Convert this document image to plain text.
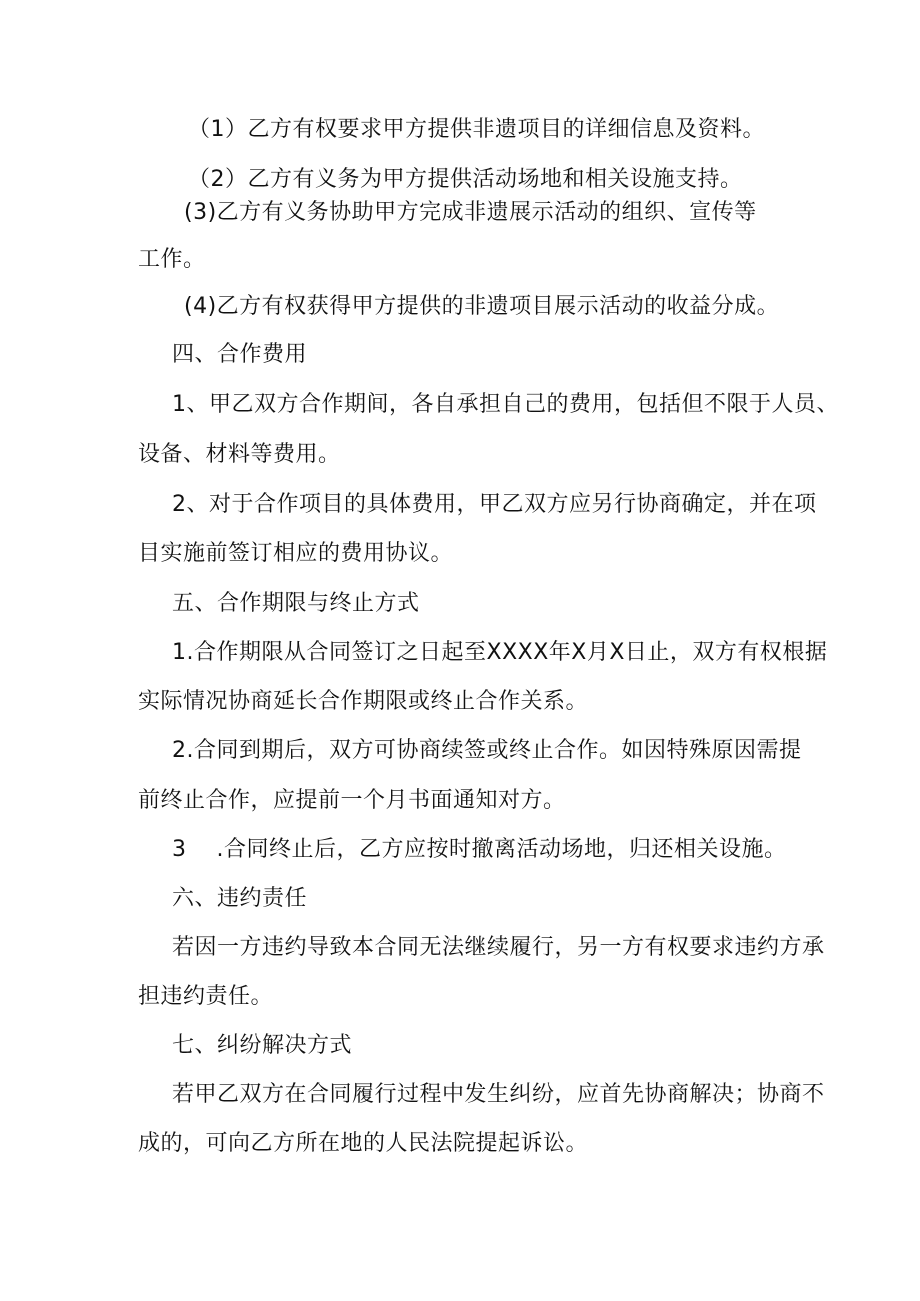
（1）乙方有权要求甲方提供非遗项目的详细信息及资料。
（2）乙方有义务为甲方提供活动场地和相关设施支持。
(3)乙方有义务协助甲方完成非遗展示活动的组织、宣传等
工作。
(4)乙方有权获得甲方提供的非遗项目展示活动的收益分成。
四、合作费用
1、甲乙双方合作期间，各自承担自己的费用，包括但不限于人员、
设备、材料等费用。
2、对于合作项目的具体费用，甲乙双方应另行协商确定，并在项
目实施前签订相应的费用协议。
五、合作期限与终止方式
1.合作期限从合同签订之日起至XXXX年X月X日止，双方有权根据
实际情况协商延长合作期限或终止合作关系。
2.合同到期后，双方可协商续签或终止合作。如因特殊原因需提
前终止合作，应提前一个月书面通知对方。
3    .合同终止后，乙方应按时撤离活动场地，归还相关设施。
六、违约责任
若因一方违约导致本合同无法继续履行，另一方有权要求违约方承
担违约责任。
七、纠纷解决方式
若甲乙双方在合同履行过程中发生纠纷，应首先协商解决；协商不
成的，可向乙方所在地的人民法院提起诉讼。
